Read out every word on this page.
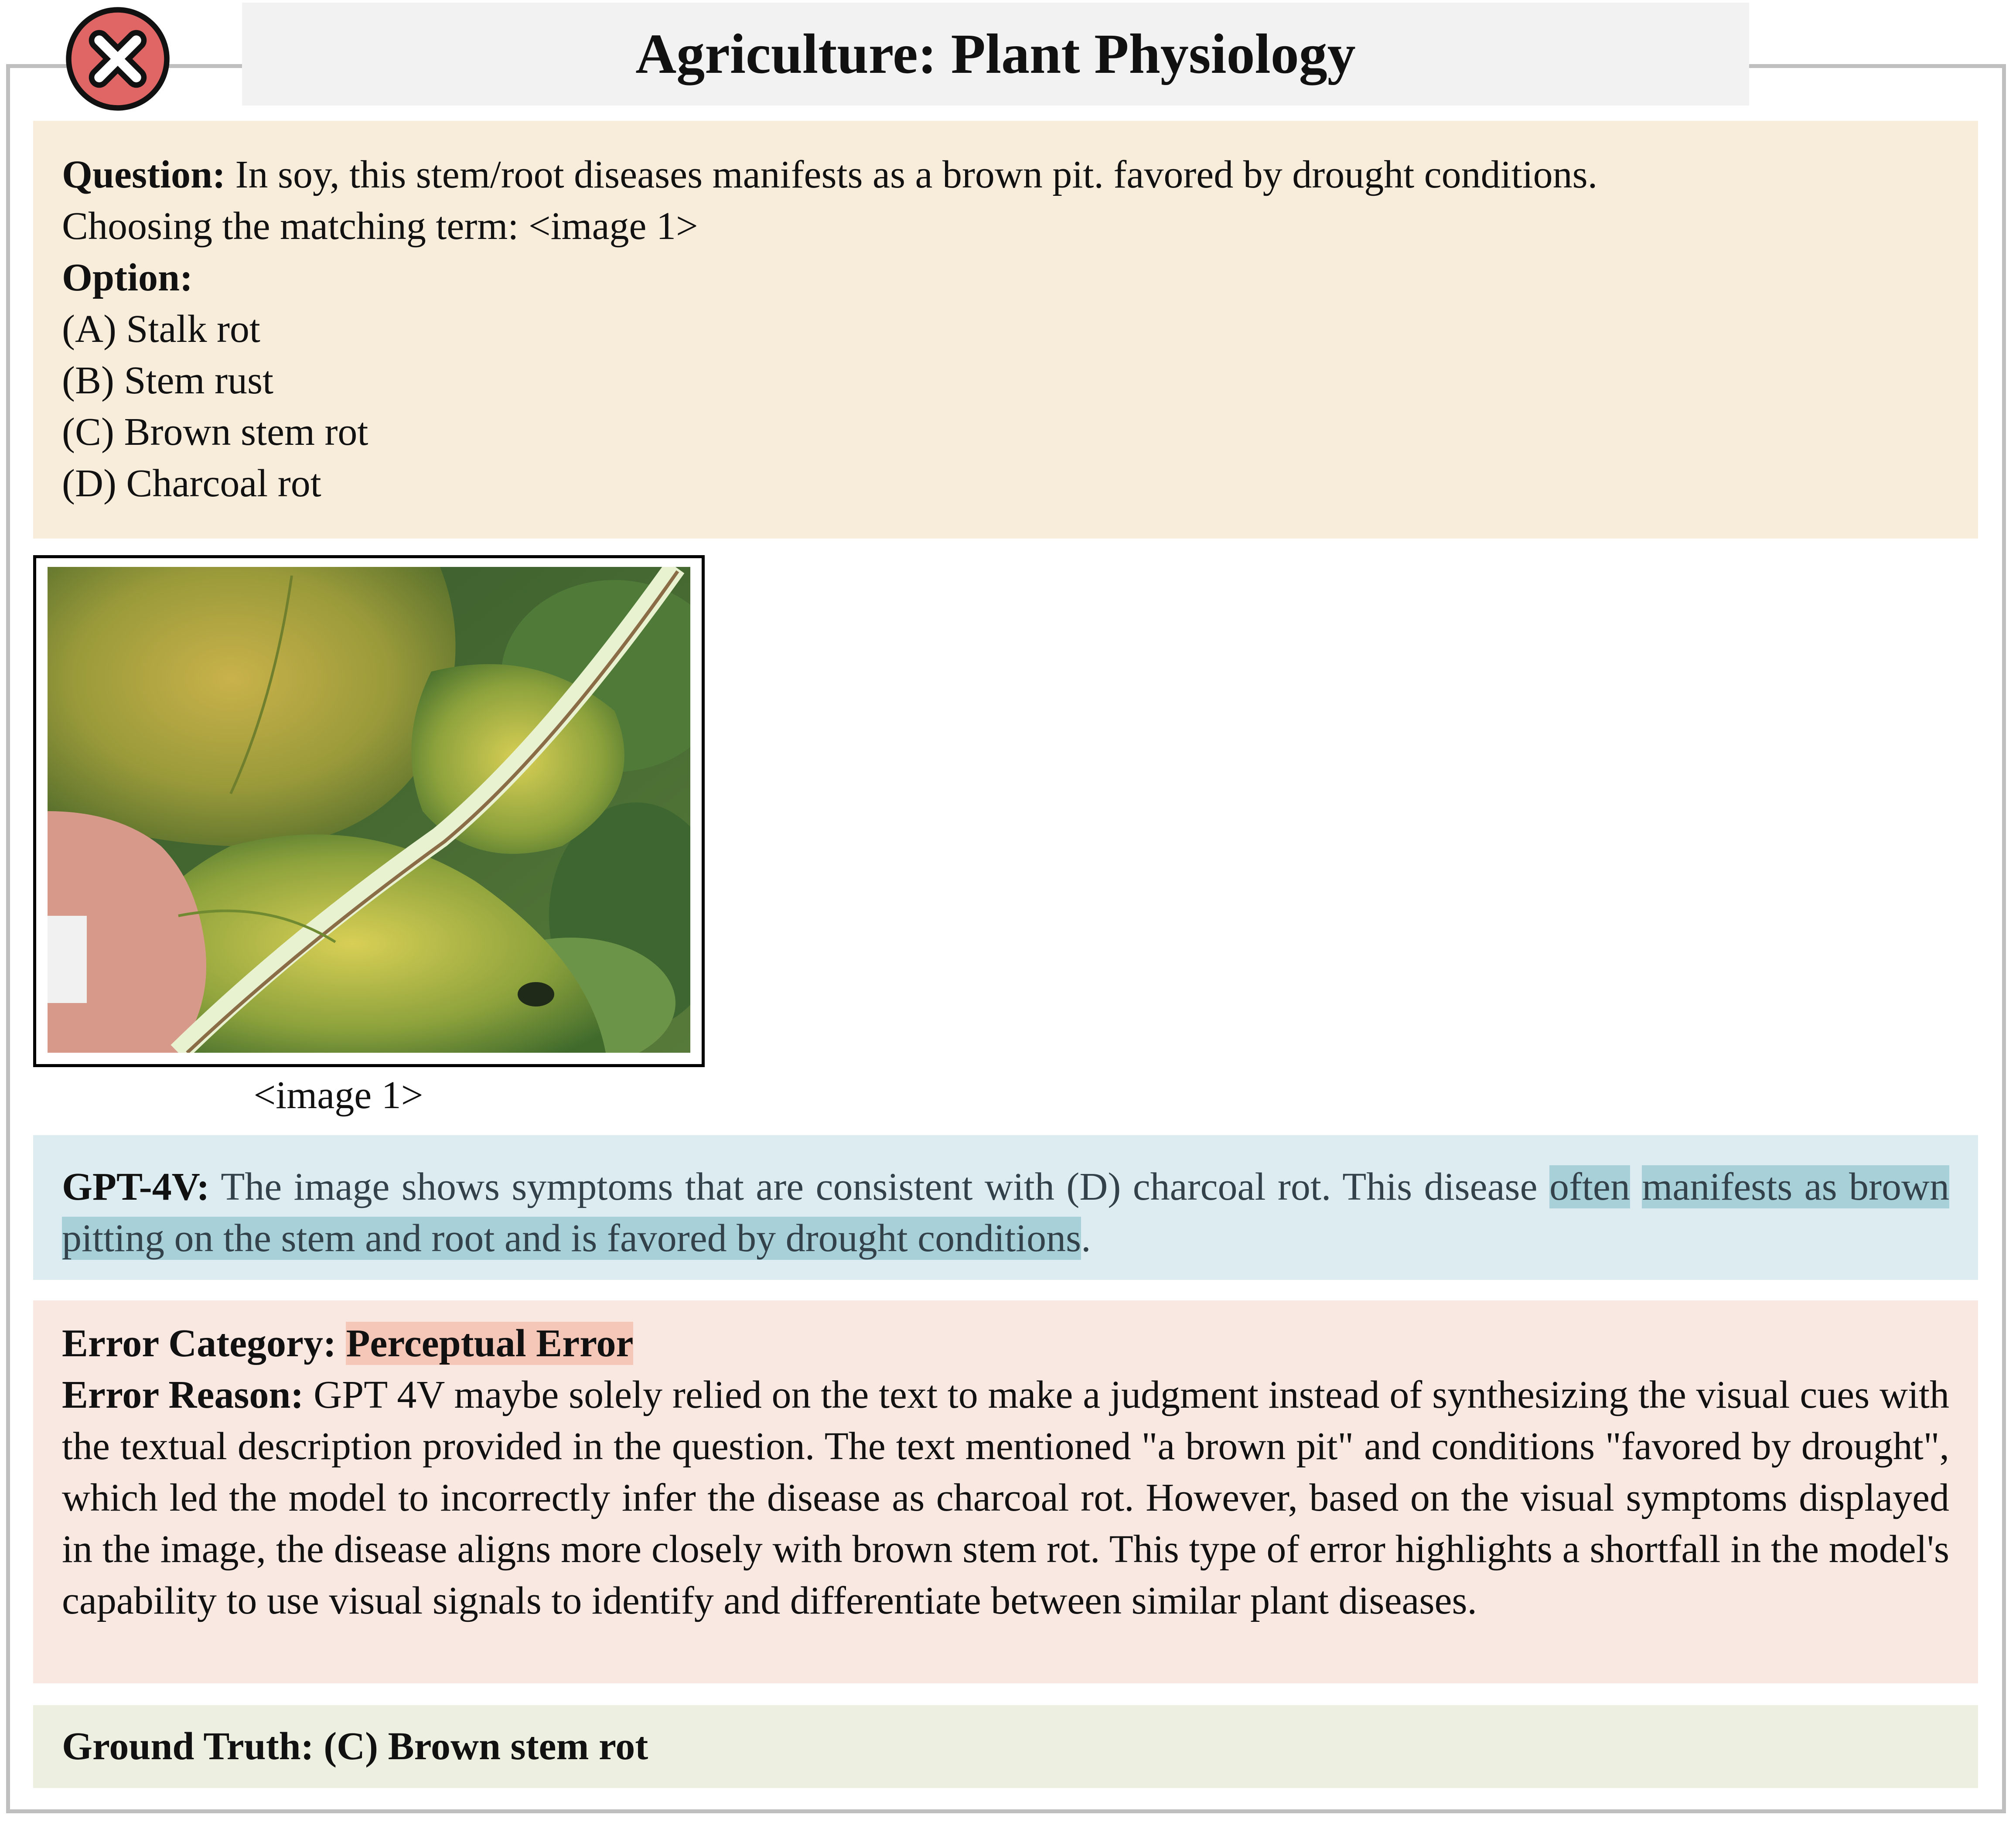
Agriculture: Plant Physiology
Question: In soy, this stem/root diseases manifests as a brown pit. favored by drought conditions.
Choosing the matching term: <image 1>
Option:
(A) Stalk rot
(B) Stem rust
(C) Brown stem rot
(D) Charcoal rot
<image 1>
GPT-4V: The image shows symptoms that are consistent with (D) charcoal rot. This disease often manifests as brown pitting on the stem and root and is favored by drought conditions.
Error Category: Perceptual Error
Error Reason: GPT 4V maybe solely relied on the text to make a judgment instead of synthesizing the visual cues with the textual description provided in the question. The text mentioned "a brown pit" and conditions "favored by drought", which led the model to incorrectly infer the disease as charcoal rot. However, based on the visual symptoms displayed in the image, the disease aligns more closely with brown stem rot. This type of error highlights a shortfall in the model's capability to use visual signals to identify and differentiate between similar plant diseases.
Ground Truth: (C) Brown stem rot
